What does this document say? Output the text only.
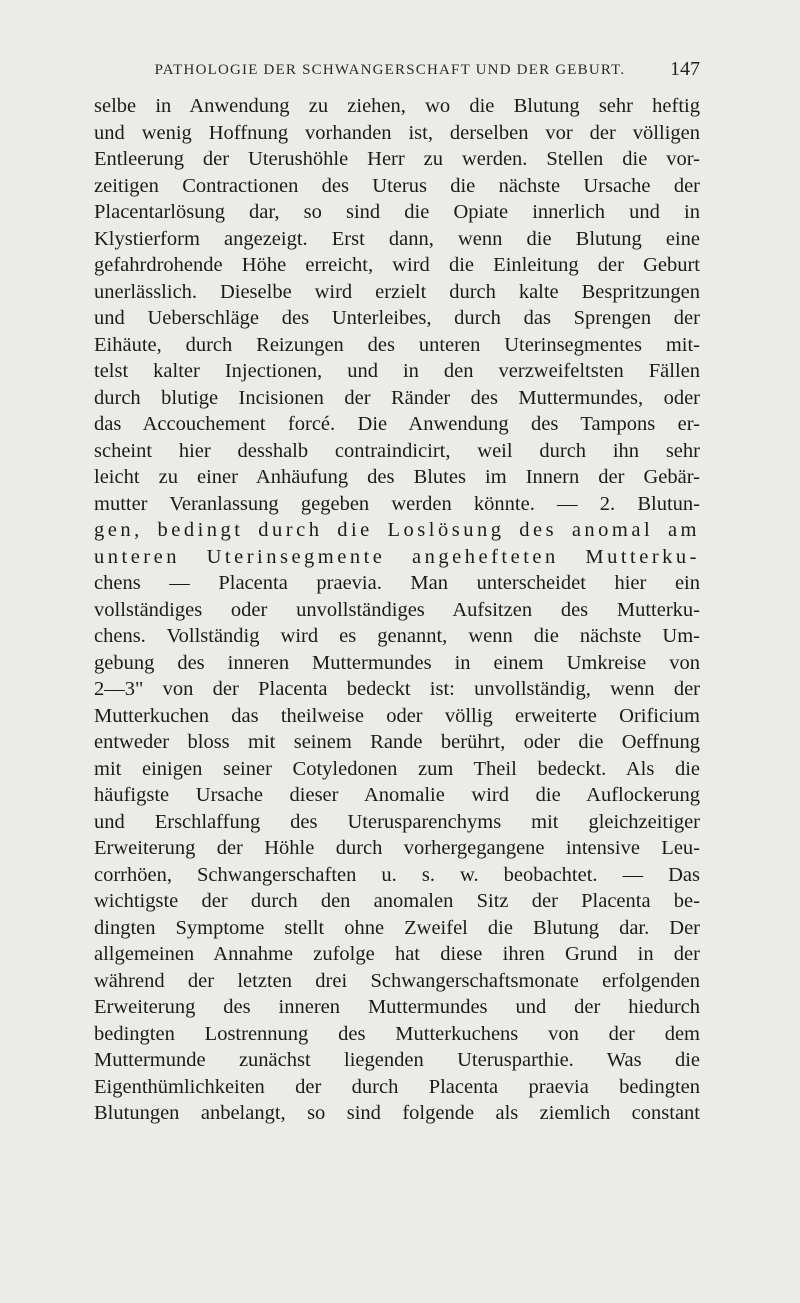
PATHOLOGIE DER SCHWANGERSCHAFT UND DER GEBURT.	147
selbe in Anwendung zu ziehen, wo die Blutung sehr heftig
und wenig Hoffnung vorhanden ist, derselben vor der völligen
Entleerung der Uterushöhle Herr zu werden. Stellen die vor-
zeitigen Contractionen des Uterus die nächste Ursache der
Placentarlösung dar, so sind die Opiate innerlich und in
Klystierform angezeigt. Erst dann, wenn die Blutung eine
gefahrdrohende Höhe erreicht, wird die Einleitung der Geburt
unerlässlich. Dieselbe wird erzielt durch kalte Bespritzungen
und Ueberschläge des Unterleibes, durch das Sprengen der
Eihäute, durch Reizungen des unteren Uterinsegmentes mit-
telst kalter Injectionen, und in den verzweifeltsten Fällen
durch blutige Incisionen der Ränder des Muttermundes, oder
das Accouchement forcé. Die Anwendung des Tampons er-
scheint hier desshalb contraindicirt, weil durch ihn sehr
leicht zu einer Anhäufung des Blutes im Innern der Gebär-
mutter Veranlassung gegeben werden könnte. — 2. Blutun-
gen, bedingt durch die Loslösung des anomal am
unteren Uterinsegmente angehefteten Mutterku-
chens — Placenta praevia. Man unterscheidet hier ein
vollständiges oder unvollständiges Aufsitzen des Mutterku-
chens. Vollständig wird es genannt, wenn die nächste Um-
gebung des inneren Muttermundes in einem Umkreise von
2—3" von der Placenta bedeckt ist: unvollständig, wenn der
Mutterkuchen das theilweise oder völlig erweiterte Orificium
entweder bloss mit seinem Rande berührt, oder die Oeffnung
mit einigen seiner Cotyledonen zum Theil bedeckt. Als die
häufigste Ursache dieser Anomalie wird die Auflockerung
und Erschlaffung des Uterusparenchyms mit gleichzeitiger
Erweiterung der Höhle durch vorhergegangene intensive Leu-
corrhöen, Schwangerschaften u. s. w. beobachtet. — Das
wichtigste der durch den anomalen Sitz der Placenta be-
dingten Symptome stellt ohne Zweifel die Blutung dar. Der
allgemeinen Annahme zufolge hat diese ihren Grund in der
während der letzten drei Schwangerschaftsmonate erfolgenden
Erweiterung des inneren Muttermundes und der hiedurch
bedingten Lostrennung des Mutterkuchens von der dem
Muttermunde zunächst liegenden Uterusparthie. Was die
Eigenthümlichkeiten der durch Placenta praevia bedingten
Blutungen anbelangt, so sind folgende als ziemlich constant
